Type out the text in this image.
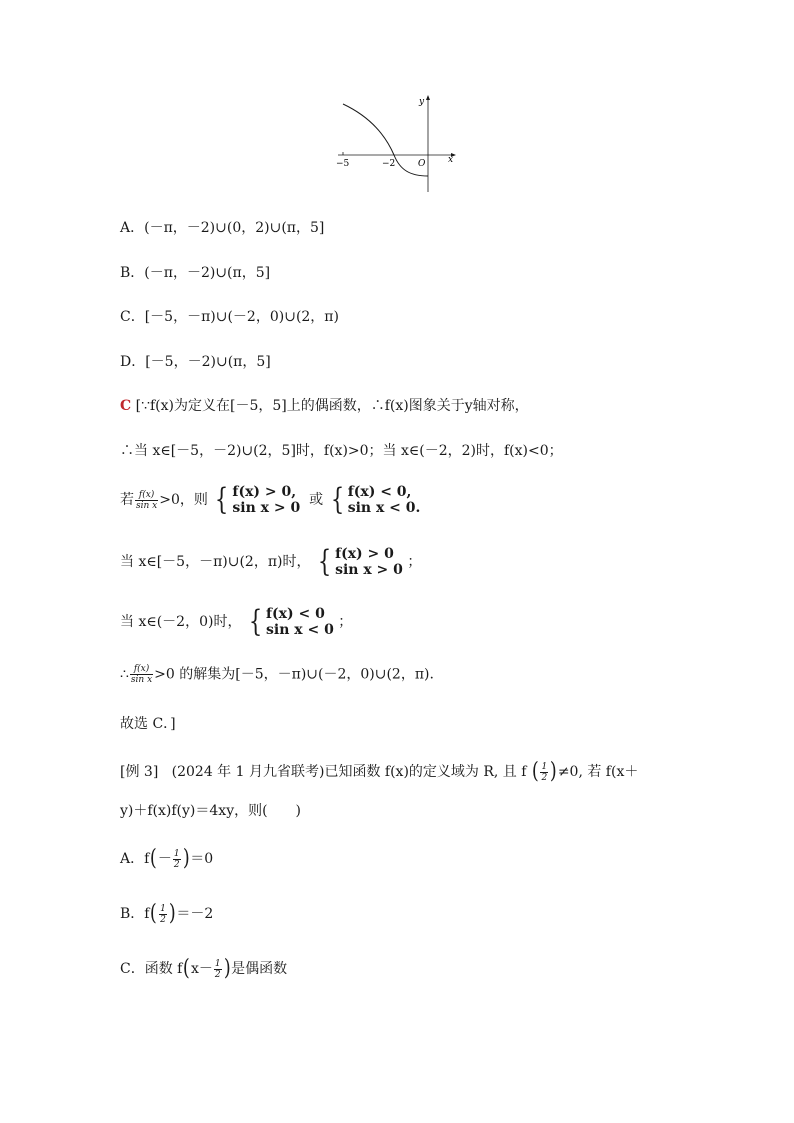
y
x
O
−5	−2
A．(－π，－2)∪(0，2)∪(π，5]
B．(－π，－2)∪(π，5]
C．[－5，－π)∪(－2，0)∪(2，π)
D．[－5，－2)∪(π，5]
C [∵f(x)为定义在[－5，5]上的偶函数，∴f(x)图象关于y轴对称，
∴当 x∈[－5，－2)∪(2，5]时，f(x)>0；当 x∈(－2，2)时，f(x)<0；
若 $\frac{f(x)}{\text{sin x}} >0$，则 { f(x) > 0,
sin x > 0 或 { f(x) < 0,
sin x < 0.
当 x∈[－5，－π)∪(2，π)时， { f(x) > 0
sin x > 0 ；
当 x∈(－2，0)时， { f(x) < 0
sin x < 0 ；
∴ $\frac{f(x)}{\text{sin x}} >0$ 的解集为[－5，－π)∪(－2，0)∪(2，π).
故选 C．]
[例 3] (2024 年 1 月九省联考)已知函数 f(x)的定义域为 R, 且 f ( $\frac{1}{2} )\ne 0$, 若 f(x＋
y)＋f(x)f(y)＝4xy，则(　　)
A．$f(- \frac{1}{2} )=0$
B．$f( \frac{1}{2} )=-2$
C．函数 $f(x- \frac{1}{2}$ )是偶函数
